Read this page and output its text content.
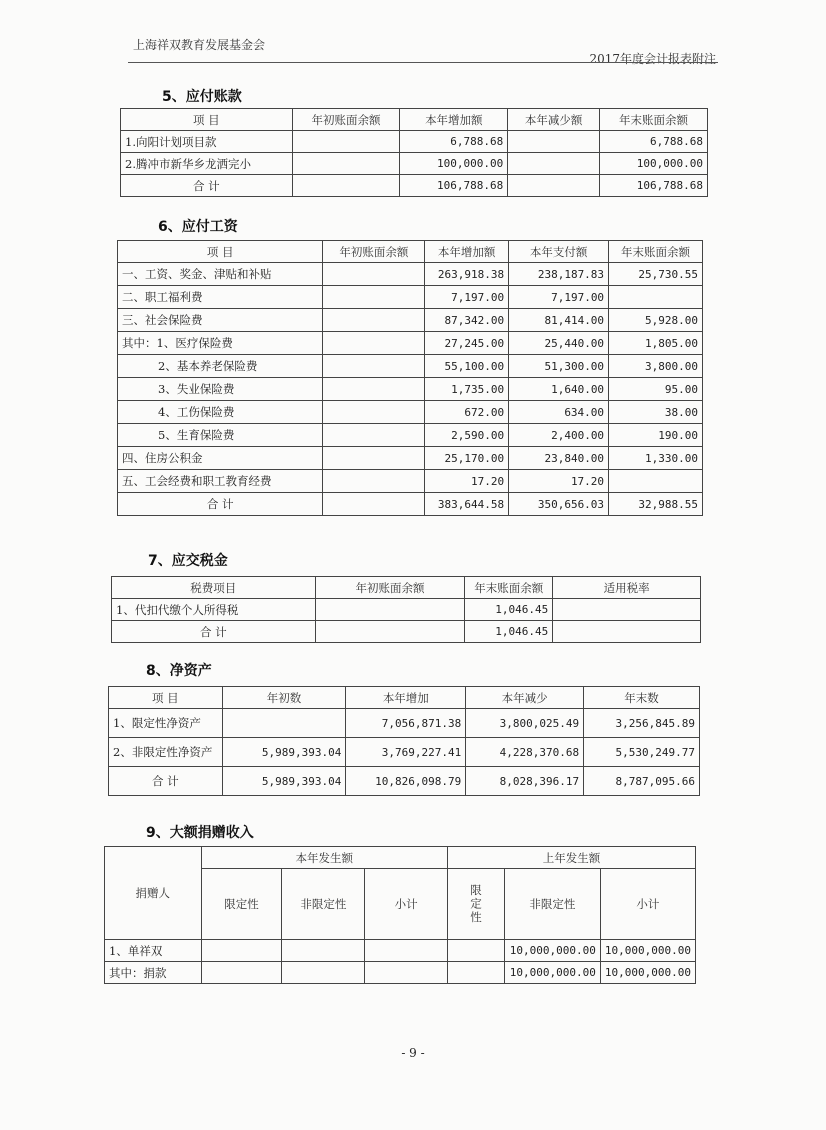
上海祥双教育发展基金会
2017年度会计报表附注
5、应付账款
项 目	年初账面余额	本年增加额	本年减少额	年末账面余额
1.向阳计划项目款		6,788.68		6,788.68
2.腾冲市新华乡龙洒完小		100,000.00		100,000.00
合 计		106,788.68		106,788.68
6、应付工资
项 目	年初账面余额	本年增加额	本年支付额	年末账面余额
一、工资、奖金、津贴和补贴		263,918.38	238,187.83	25,730.55
二、职工福利费		7,197.00	7,197.00	
三、社会保险费		87,342.00	81,414.00	5,928.00
其中：1、医疗保险费		27,245.00	25,440.00	1,805.00
2、基本养老保险费		55,100.00	51,300.00	3,800.00
3、失业保险费		1,735.00	1,640.00	95.00
4、工伤保险费		672.00	634.00	38.00
5、生育保险费		2,590.00	2,400.00	190.00
四、住房公积金		25,170.00	23,840.00	1,330.00
五、工会经费和职工教育经费		17.20	17.20	
合 计		383,644.58	350,656.03	32,988.55
7、应交税金
税费项目	年初账面余额	年末账面余额	适用税率
1、代扣代缴个人所得税		1,046.45	
合 计		1,046.45	
8、净资产
项 目	年初数	本年增加	本年减少	年末数
1、限定性净资产		7,056,871.38	3,800,025.49	3,256,845.89
2、非限定性净资产	5,989,393.04	3,769,227.41	4,228,370.68	5,530,249.77
合 计	5,989,393.04	10,826,098.79	8,028,396.17	8,787,095.66
9、大额捐赠收入
捐赠人	本年发生额			上年发生额		
	限定性	非限定性	小计	限定性	非限定性	小计
1、单祥双					10,000,000.00	10,000,000.00
其中：捐款					10,000,000.00	10,000,000.00
- 9 -
